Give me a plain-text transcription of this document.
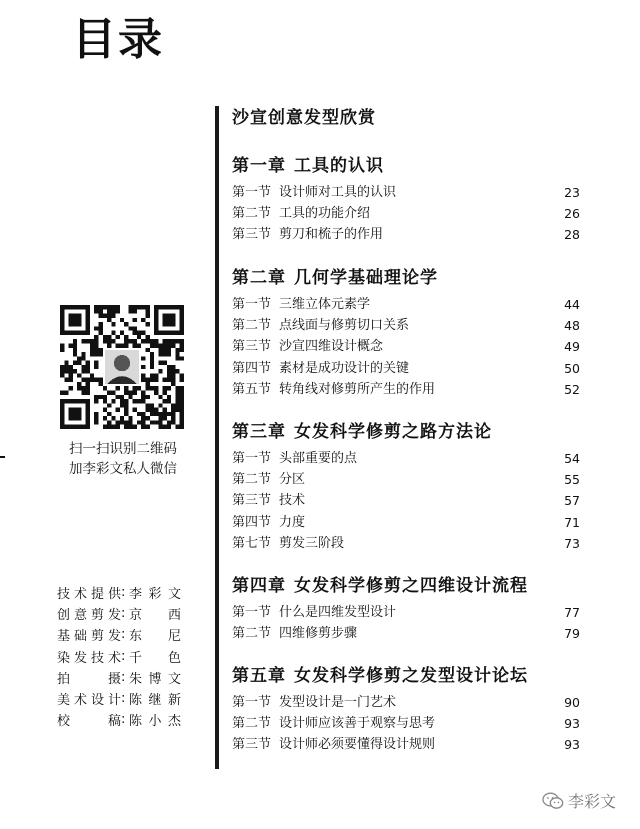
目录
扫一扫识别二维码
加李彩文私人微信
技术提供 : 李彩文
创意剪发 : 京西
基础剪发 : 东尼
染发技术 : 千色
拍摄 : 朱博文
美术设计 : 陈继新
校稿 : 陈小杰
沙宣创意发型欣赏
第一章 工具的认识
第一节 设计师对工具的认识	23
第二节 工具的功能介绍	26
第三节 剪刀和梳子的作用	28
第二章 几何学基础理论学
第一节 三维立体元素学	44
第二节 点线面与修剪切口关系	48
第三节 沙宣四维设计概念	49
第四节 素材是成功设计的关键	50
第五节 转角线对修剪所产生的作用	52
第三章 女发科学修剪之路方法论
第一节 头部重要的点	54
第二节 分区	55
第三节 技术	57
第四节 力度	71
第七节 剪发三阶段	73
第四章 女发科学修剪之四维设计流程
第一节 什么是四维发型设计	77
第二节 四维修剪步骤	79
第五章 女发科学修剪之发型设计论坛
第一节 发型设计是一门艺术	90
第二节 设计师应该善于观察与思考	93
第三节 设计师必须要懂得设计规则	93
李彩文
